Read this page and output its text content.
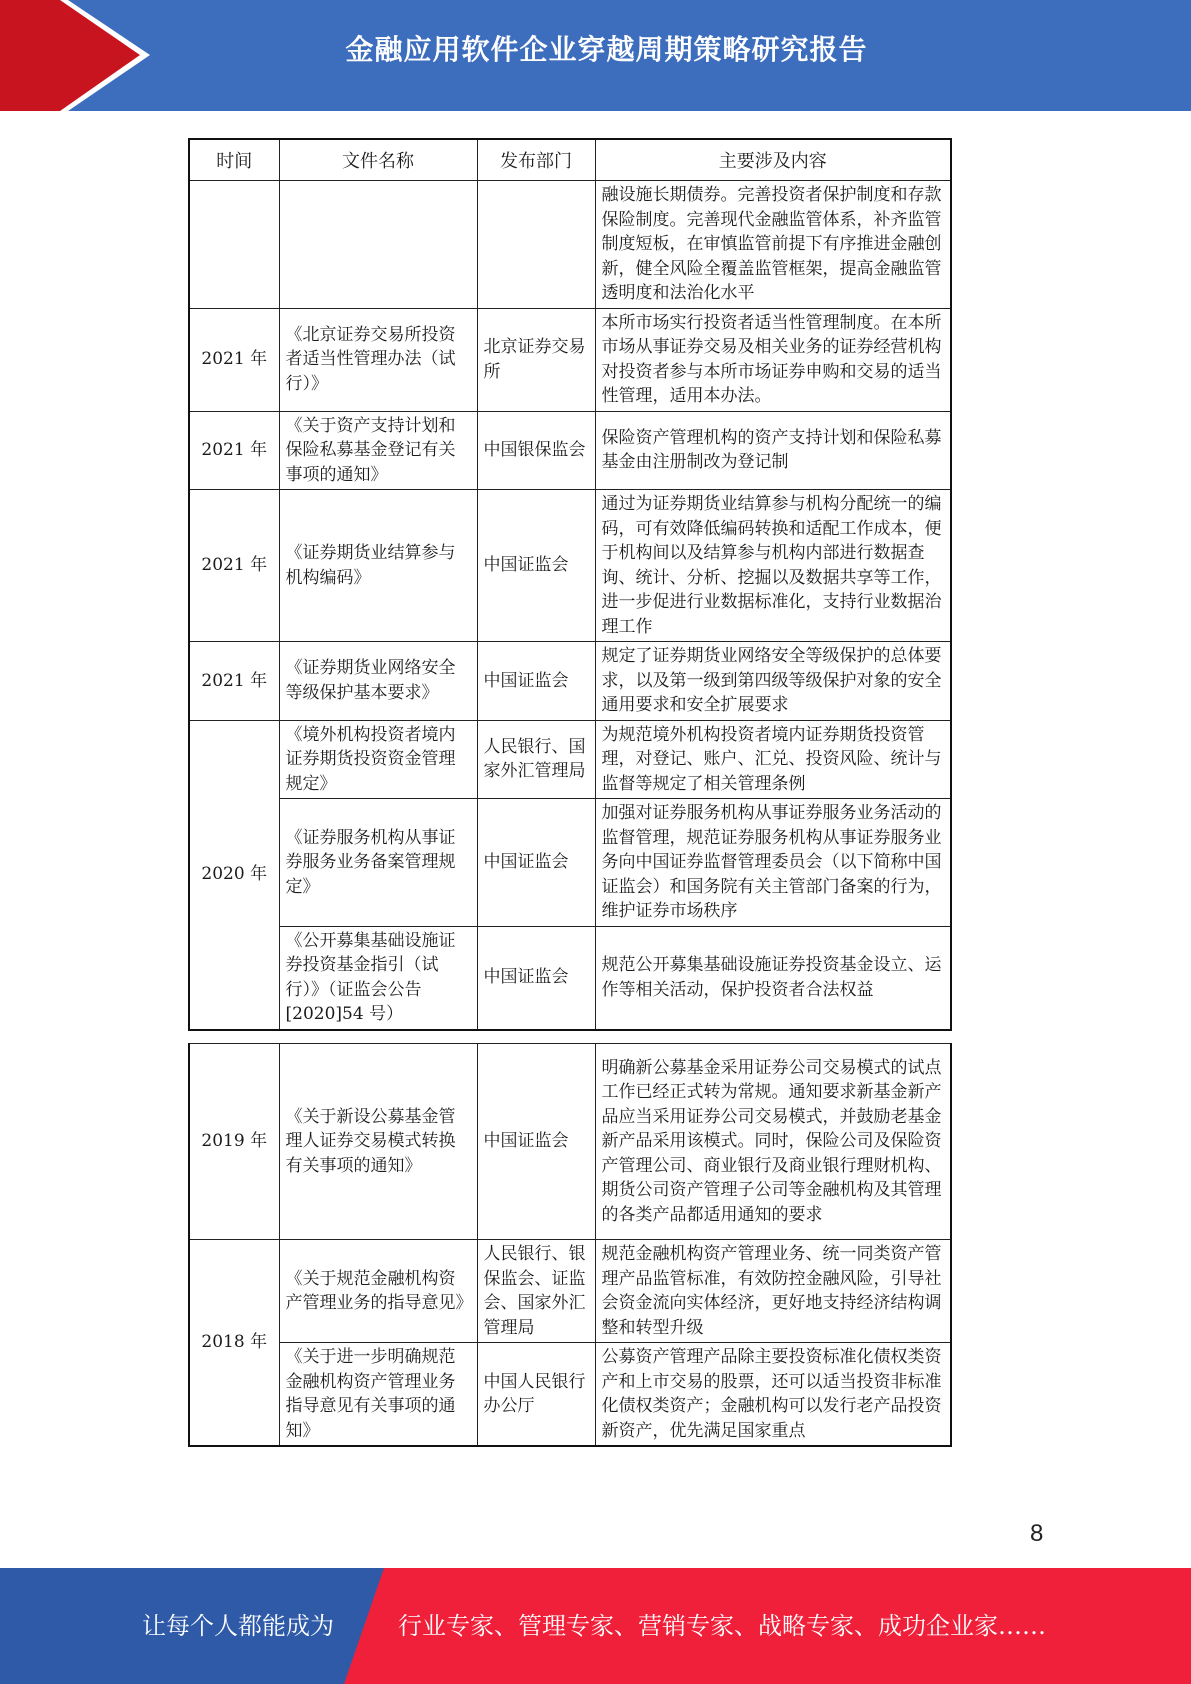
金融应用软件企业穿越周期策略研究报告
时间	文件名称	发布部门	主要涉及内容
			融设施长期债券。完善投资者保护制度和存款保险制度。完善现代金融监管体系，补齐监管制度短板，在审慎监管前提下有序推进金融创新，健全风险全覆盖监管框架，提高金融监管透明度和法治化水平
2021 年	《北京证券交易所投资者适当性管理办法（试行）》	北京证券交易所	本所市场实行投资者适当性管理制度。在本所市场从事证券交易及相关业务的证券经营机构对投资者参与本所市场证券申购和交易的适当性管理，适用本办法。
2021 年	《关于资产支持计划和保险私募基金登记有关事项的通知》	中国银保监会	保险资产管理机构的资产支持计划和保险私募基金由注册制改为登记制
2021 年	《证券期货业结算参与机构编码》	中国证监会	通过为证券期货业结算参与机构分配统一的编码，可有效降低编码转换和适配工作成本，便于机构间以及结算参与机构内部进行数据查询、统计、分析、挖掘以及数据共享等工作，进一步促进行业数据标准化，支持行业数据治理工作
2021 年	《证券期货业网络安全等级保护基本要求》	中国证监会	规定了证券期货业网络安全等级保护的总体要求，以及第一级到第四级等级保护对象的安全通用要求和安全扩展要求
2020 年	《境外机构投资者境内证券期货投资资金管理规定》	人民银行、国家外汇管理局	为规范境外机构投资者境内证券期货投资管理，对登记、账户、汇兑、投资风险、统计与监督等规定了相关管理条例
	《证券服务机构从事证券服务业务备案管理规定》	中国证监会	加强对证券服务机构从事证券服务业务活动的监督管理，规范证券服务机构从事证券服务业务向中国证券监督管理委员会（以下简称中国证监会）和国务院有关主管部门备案的行为，维护证券市场秩序
	《公开募集基础设施证券投资基金指引（试行）》（证监会公告[2020]54 号）	中国证监会	规范公开募集基础设施证券投资基金设立、运作等相关活动，保护投资者合法权益
2019 年	《关于新设公募基金管理人证券交易模式转换有关事项的通知》	中国证监会	明确新公募基金采用证券公司交易模式的试点工作已经正式转为常规。通知要求新基金新产品应当采用证券公司交易模式，并鼓励老基金新产品采用该模式。同时，保险公司及保险资产管理公司、商业银行及商业银行理财机构、期货公司资产管理子公司等金融机构及其管理的各类产品都适用通知的要求
2018 年	《关于规范金融机构资产管理业务的指导意见》	人民银行、银保监会、证监会、国家外汇管理局	规范金融机构资产管理业务、统一同类资产管理产品监管标准，有效防控金融风险，引导社会资金流向实体经济，更好地支持经济结构调整和转型升级
	《关于进一步明确规范金融机构资产管理业务指导意见有关事项的通知》	中国人民银行办公厅	公募资产管理产品除主要投资标准化债权类资产和上市交易的股票，还可以适当投资非标准化债权类资产；金融机构可以发行老产品投资新资产，优先满足国家重点
8
让每个人都能成为	行业专家、管理专家、营销专家、战略专家、成功企业家……
